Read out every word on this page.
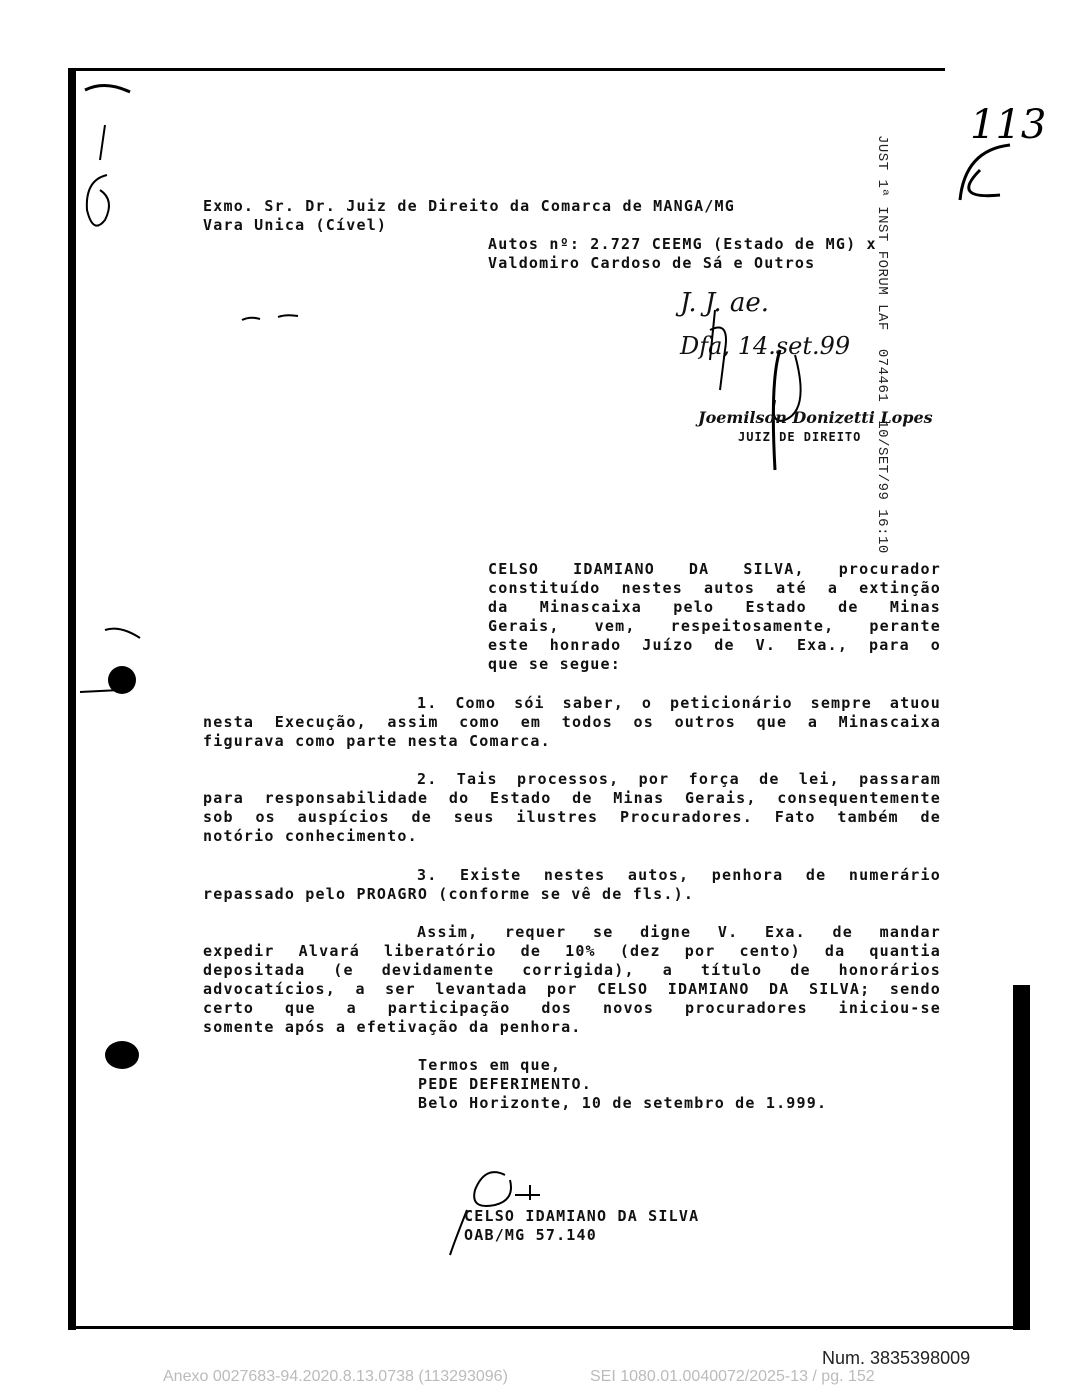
113
Exmo. Sr. Dr. Juiz de Direito da Comarca de MANGA/MG
Vara Unica (Cível)
Autos nº: 2.727 CEEMG (Estado de MG) x
Valdomiro Cardoso de Sá e Outros	JUST 1ª INST FORUM LAF07446110/SET/99 16:10
J. J. ae.
Dfa, 14.set.99
Joemilson Donizetti Lopes
JUIZ DE DIREITO
CELSO IDAMIANO DA SILVA, procurador
constituído nestes autos até a extinção
da Minascaixa pelo Estado de Minas
Gerais, vem, respeitosamente, perante
este honrado Juízo de V. Exa., para o
que se segue:
1. Como sói saber, o peticionário sempre atuou
nesta Execução, assim como em todos os outros que a Minascaixa
figurava como parte nesta Comarca.
2. Tais processos, por força de lei, passaram
para responsabilidade do Estado de Minas Gerais, consequentemente
sob os auspícios de seus ilustres Procuradores. Fato também de
notório conhecimento.
3. Existe nestes autos, penhora de numerário
repassado pelo PROAGRO (conforme se vê de fls.).
Assim, requer se digne V. Exa. de mandar
expedir Alvará liberatório de 10% (dez por cento) da quantia
depositada (e devidamente corrigida), a título de honorários
advocatícios, a ser levantada por CELSO IDAMIANO DA SILVA; sendo
certo que a participação dos novos procuradores iniciou-se
somente após a efetivação da penhora.
Termos em que,
PEDE DEFERIMENTO.
Belo Horizonte, 10 de setembro de 1.999.
CELSO IDAMIANO DA SILVA
OAB/MG 57.140
Num. 3835398009
Anexo 0027683-94.2020.8.13.0738 (113293096)	SEI 1080.01.0040072/2025-13 / pg. 152
